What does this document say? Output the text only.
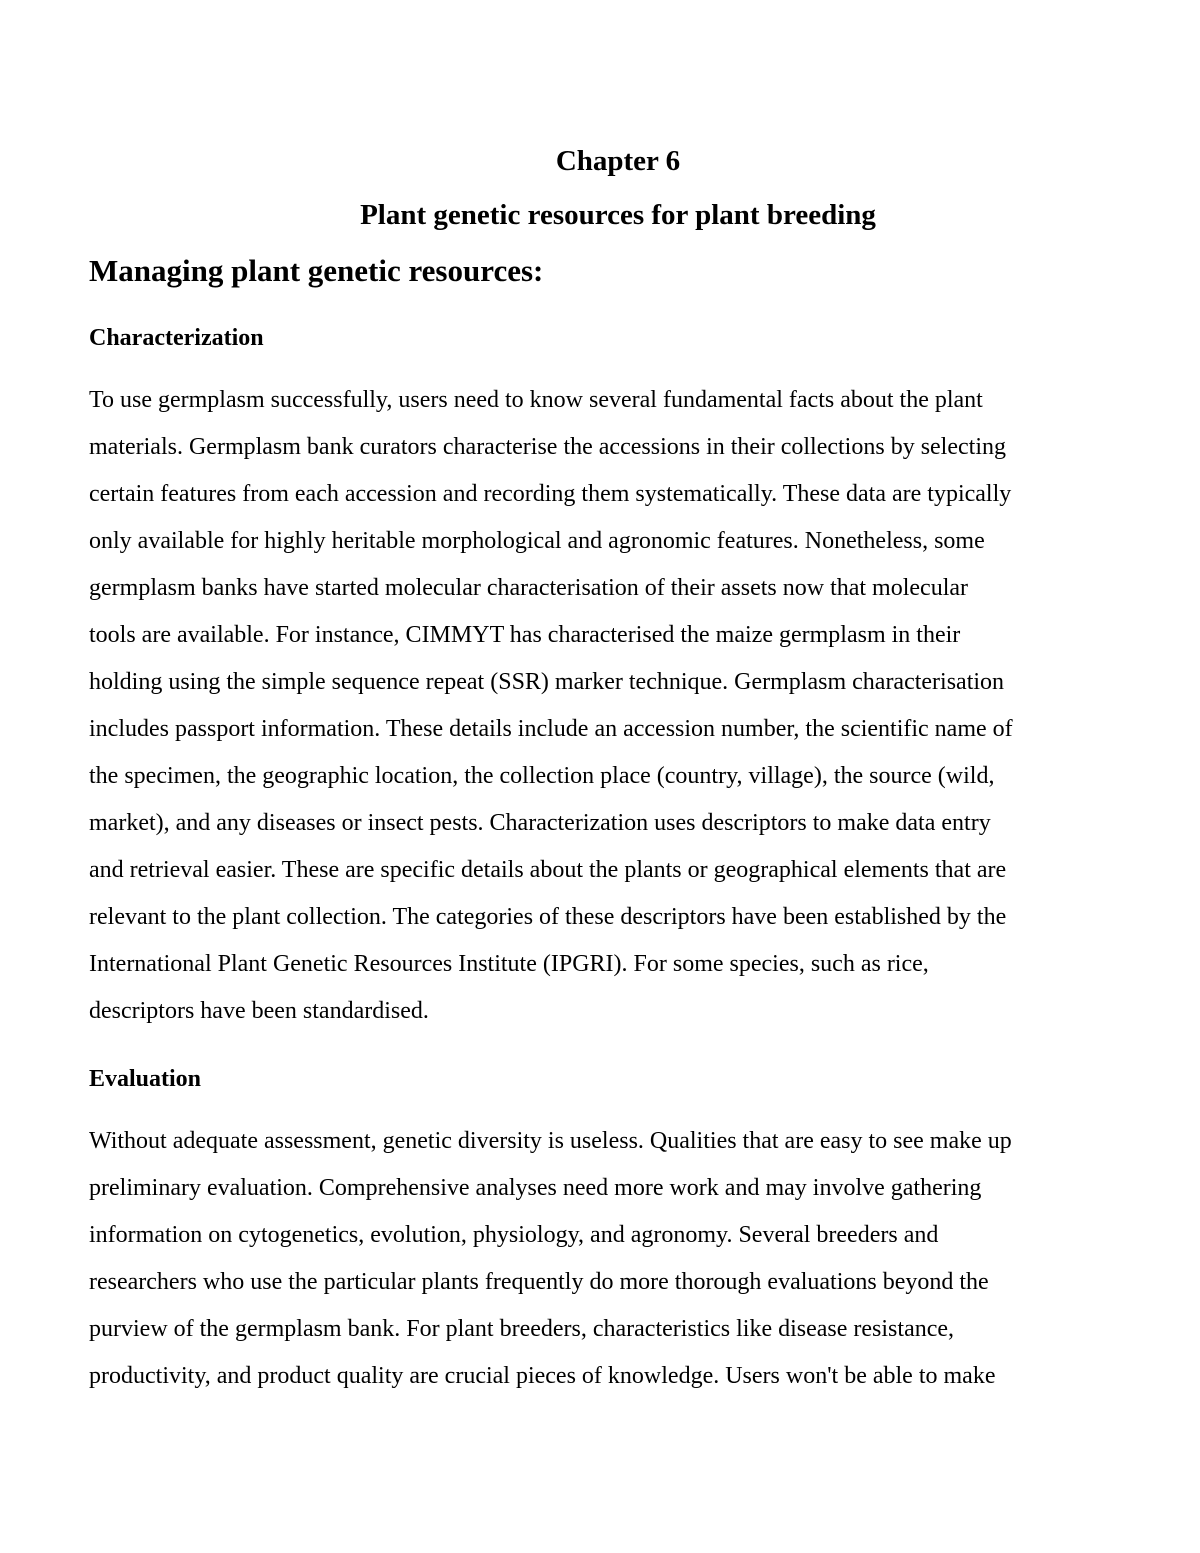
Chapter 6
Plant genetic resources for plant breeding
Managing plant genetic resources:
Characterization

To use germplasm successfully, users need to know several fundamental facts about the plant
materials. Germplasm bank curators characterise the accessions in their collections by selecting
certain features from each accession and recording them systematically. These data are typically
only available for highly heritable morphological and agronomic features. Nonetheless, some
germplasm banks have started molecular characterisation of their assets now that molecular
tools are available. For instance, CIMMYT has characterised the maize germplasm in their
holding using the simple sequence repeat (SSR) marker technique. Germplasm characterisation
includes passport information. These details include an accession number, the scientific name of
the specimen, the geographic location, the collection place (country, village), the source (wild,
market), and any diseases or insect pests. Characterization uses descriptors to make data entry
and retrieval easier. These are specific details about the plants or geographical elements that are
relevant to the plant collection. The categories of these descriptors have been established by the
International Plant Genetic Resources Institute (IPGRI). For some species, such as rice,
descriptors have been standardised.

Evaluation

Without adequate assessment, genetic diversity is useless. Qualities that are easy to see make up
preliminary evaluation. Comprehensive analyses need more work and may involve gathering
information on cytogenetics, evolution, physiology, and agronomy. Several breeders and
researchers who use the particular plants frequently do more thorough evaluations beyond the
purview of the germplasm bank. For plant breeders, characteristics like disease resistance,
productivity, and product quality are crucial pieces of knowledge. Users won't be able to make
